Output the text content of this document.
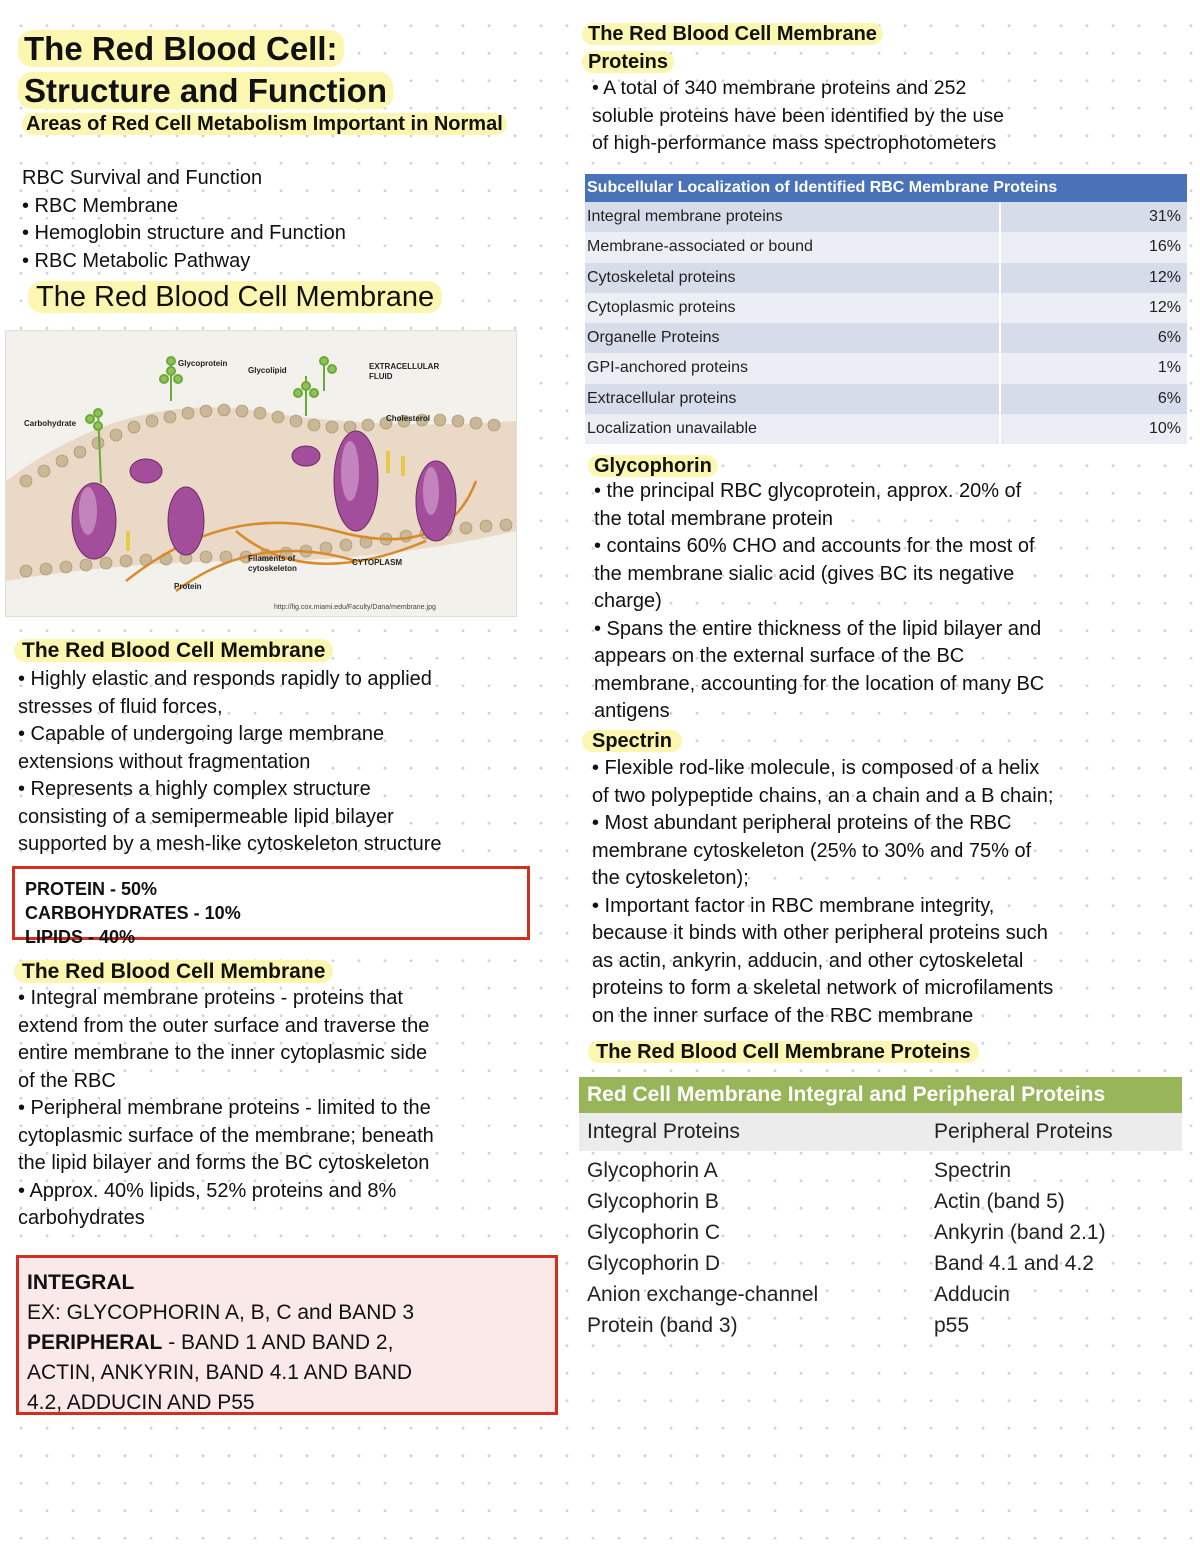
The Red Blood Cell:
Structure and Function
Areas of Red Cell Metabolism Important in Normal
RBC Survival and Function
• RBC Membrane
• Hemoglobin structure and Function
• RBC Metabolic Pathway
The Red Blood Cell Membrane
Glycoprotein
Glycolipid	EXTRACELLULAR
FLUID
Carbohydrate
Cholesterol
Filaments of
cytoskeleton
CYTOPLASM
Protein
http://fig.cox.miami.edu/Faculty/Dana/membrane.jpg
The Red Blood Cell Membrane
• Highly elastic and responds rapidly to applied
stresses of fluid forces,
• Capable of undergoing large membrane
extensions without fragmentation
• Represents a highly complex structure
consisting of a semipermeable lipid bilayer
supported by a mesh-like cytoskeleton structure
PROTEIN - 50%
CARBOHYDRATES - 10%
LIPIDS - 40%
The Red Blood Cell Membrane
• Integral membrane proteins - proteins that
extend from the outer surface and traverse the
entire membrane to the inner cytoplasmic side
of the RBC
• Peripheral membrane proteins - limited to the
cytoplasmic surface of the membrane; beneath
the lipid bilayer and forms the BC cytoskeleton
• Approx. 40% lipids, 52% proteins and 8%
carbohydrates
INTEGRAL
EX: GLYCOPHORIN A, B, C and BAND 3
PERIPHERAL - BAND 1 AND BAND 2,
ACTIN, ANKYRIN, BAND 4.1 AND BAND
4.2, ADDUCIN AND P55
The Red Blood Cell Membrane
Proteins
• A total of 340 membrane proteins and 252
soluble proteins have been identified by the use
of high-performance mass spectrophotometers
Subcellular Localization of Identified RBC Membrane Proteins
Integral membrane proteins	31%
Membrane-associated or bound	16%
Cytoskeletal proteins	12%
Cytoplasmic proteins	12%
Organelle Proteins	6%
GPI-anchored proteins	1%
Extracellular proteins	6%
Localization unavailable	10%
Glycophorin
• the principal RBC glycoprotein, approx. 20% of
the total membrane protein
• contains 60% CHO and accounts for the most of
the membrane sialic acid (gives BC its negative
charge)
• Spans the entire thickness of the lipid bilayer and
appears on the external surface of the BC
membrane, accounting for the location of many BC
antigens
Spectrin
• Flexible rod-like molecule, is composed of a helix
of two polypeptide chains, an a chain and a B chain;
• Most abundant peripheral proteins of the RBC
membrane cytoskeleton (25% to 30% and 75% of
the cytoskeleton);
• Important factor in RBC membrane integrity,
because it binds with other peripheral proteins such
as actin, ankyrin, adducin, and other cytoskeletal
proteins to form a skeletal network of microfilaments
on the inner surface of the RBC membrane
The Red Blood Cell Membrane Proteins
Red Cell Membrane Integral and Peripheral Proteins
Integral Proteins	Peripheral Proteins
Glycophorin A	Spectrin
Glycophorin B	Actin (band 5)
Glycophorin C	Ankyrin (band 2.1)
Glycophorin D	Band 4.1 and 4.2
Anion exchange-channel	Adducin
Protein (band 3)	p55
